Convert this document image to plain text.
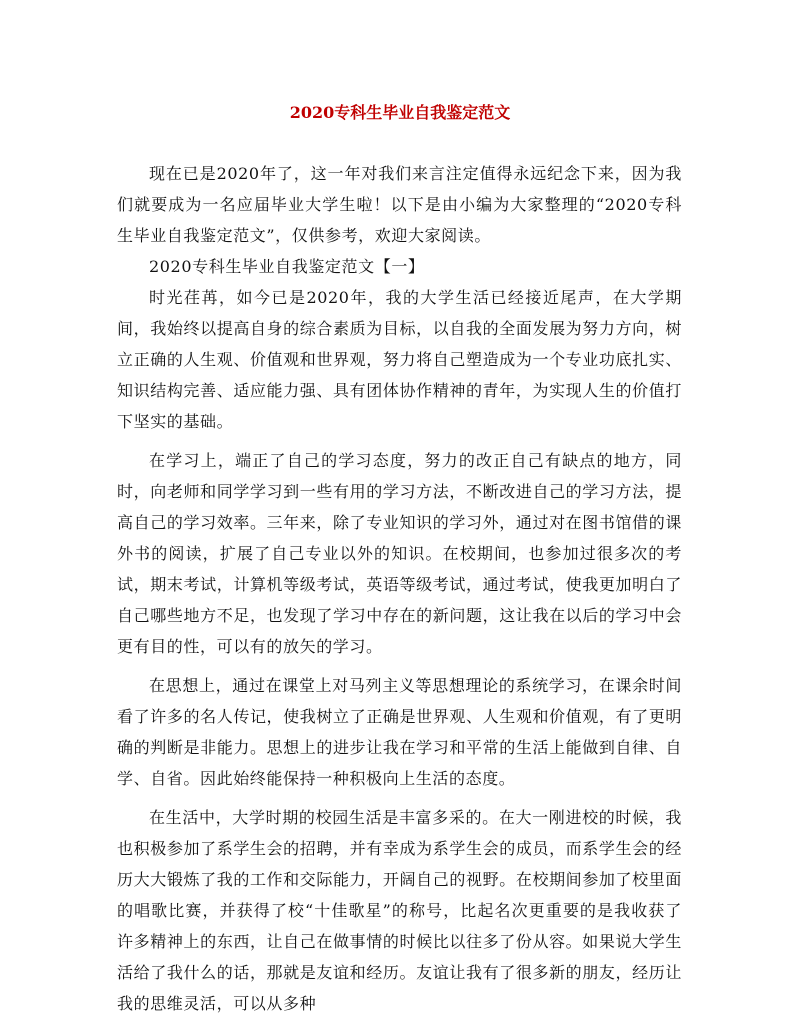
2020专科生毕业自我鉴定范文

现在已是2020年了，这一年对我们来言注定值得永远纪念下来，因为我们就要成为一名应届毕业大学生啦！以下是由小编为大家整理的“2020专科生毕业自我鉴定范文”，仅供参考，欢迎大家阅读。

2020专科生毕业自我鉴定范文【一】

时光荏苒，如今已是2020年，我的大学生活已经接近尾声，在大学期间，我始终以提高自身的综合素质为目标，以自我的全面发展为努力方向，树立正确的人生观、价值观和世界观，努力将自己塑造成为一个专业功底扎实、知识结构完善、适应能力强、具有团体协作精神的青年，为实现人生的价值打下坚实的基础。

在学习上，端正了自己的学习态度，努力的改正自己有缺点的地方，同时，向老师和同学学习到一些有用的学习方法，不断改进自己的学习方法，提高自己的学习效率。三年来，除了专业知识的学习外，通过对在图书馆借的课外书的阅读，扩展了自己专业以外的知识。在校期间，也参加过很多次的考试，期末考试，计算机等级考试，英语等级考试，通过考试，使我更加明白了自己哪些地方不足，也发现了学习中存在的新问题，这让我在以后的学习中会更有目的性，可以有的放矢的学习。

在思想上，通过在课堂上对马列主义等思想理论的系统学习，在课余时间看了许多的名人传记，使我树立了正确是世界观、人生观和价值观，有了更明确的判断是非能力。思想上的进步让我在学习和平常的生活上能做到自律、自学、自省。因此始终能保持一种积极向上生活的态度。

在生活中，大学时期的校园生活是丰富多采的。在大一刚进校的时候，我也积极参加了系学生会的招聘，并有幸成为系学生会的成员，而系学生会的经历大大锻炼了我的工作和交际能力，开阔自己的视野。在校期间参加了校里面的唱歌比赛，并获得了校“十佳歌星”的称号，比起名次更重要的是我收获了许多精神上的东西，让自己在做事情的时候比以往多了份从容。如果说大学生活给了我什么的话，那就是友谊和经历。友谊让我有了很多新的朋友，经历让我的思维灵活，可以从多种
